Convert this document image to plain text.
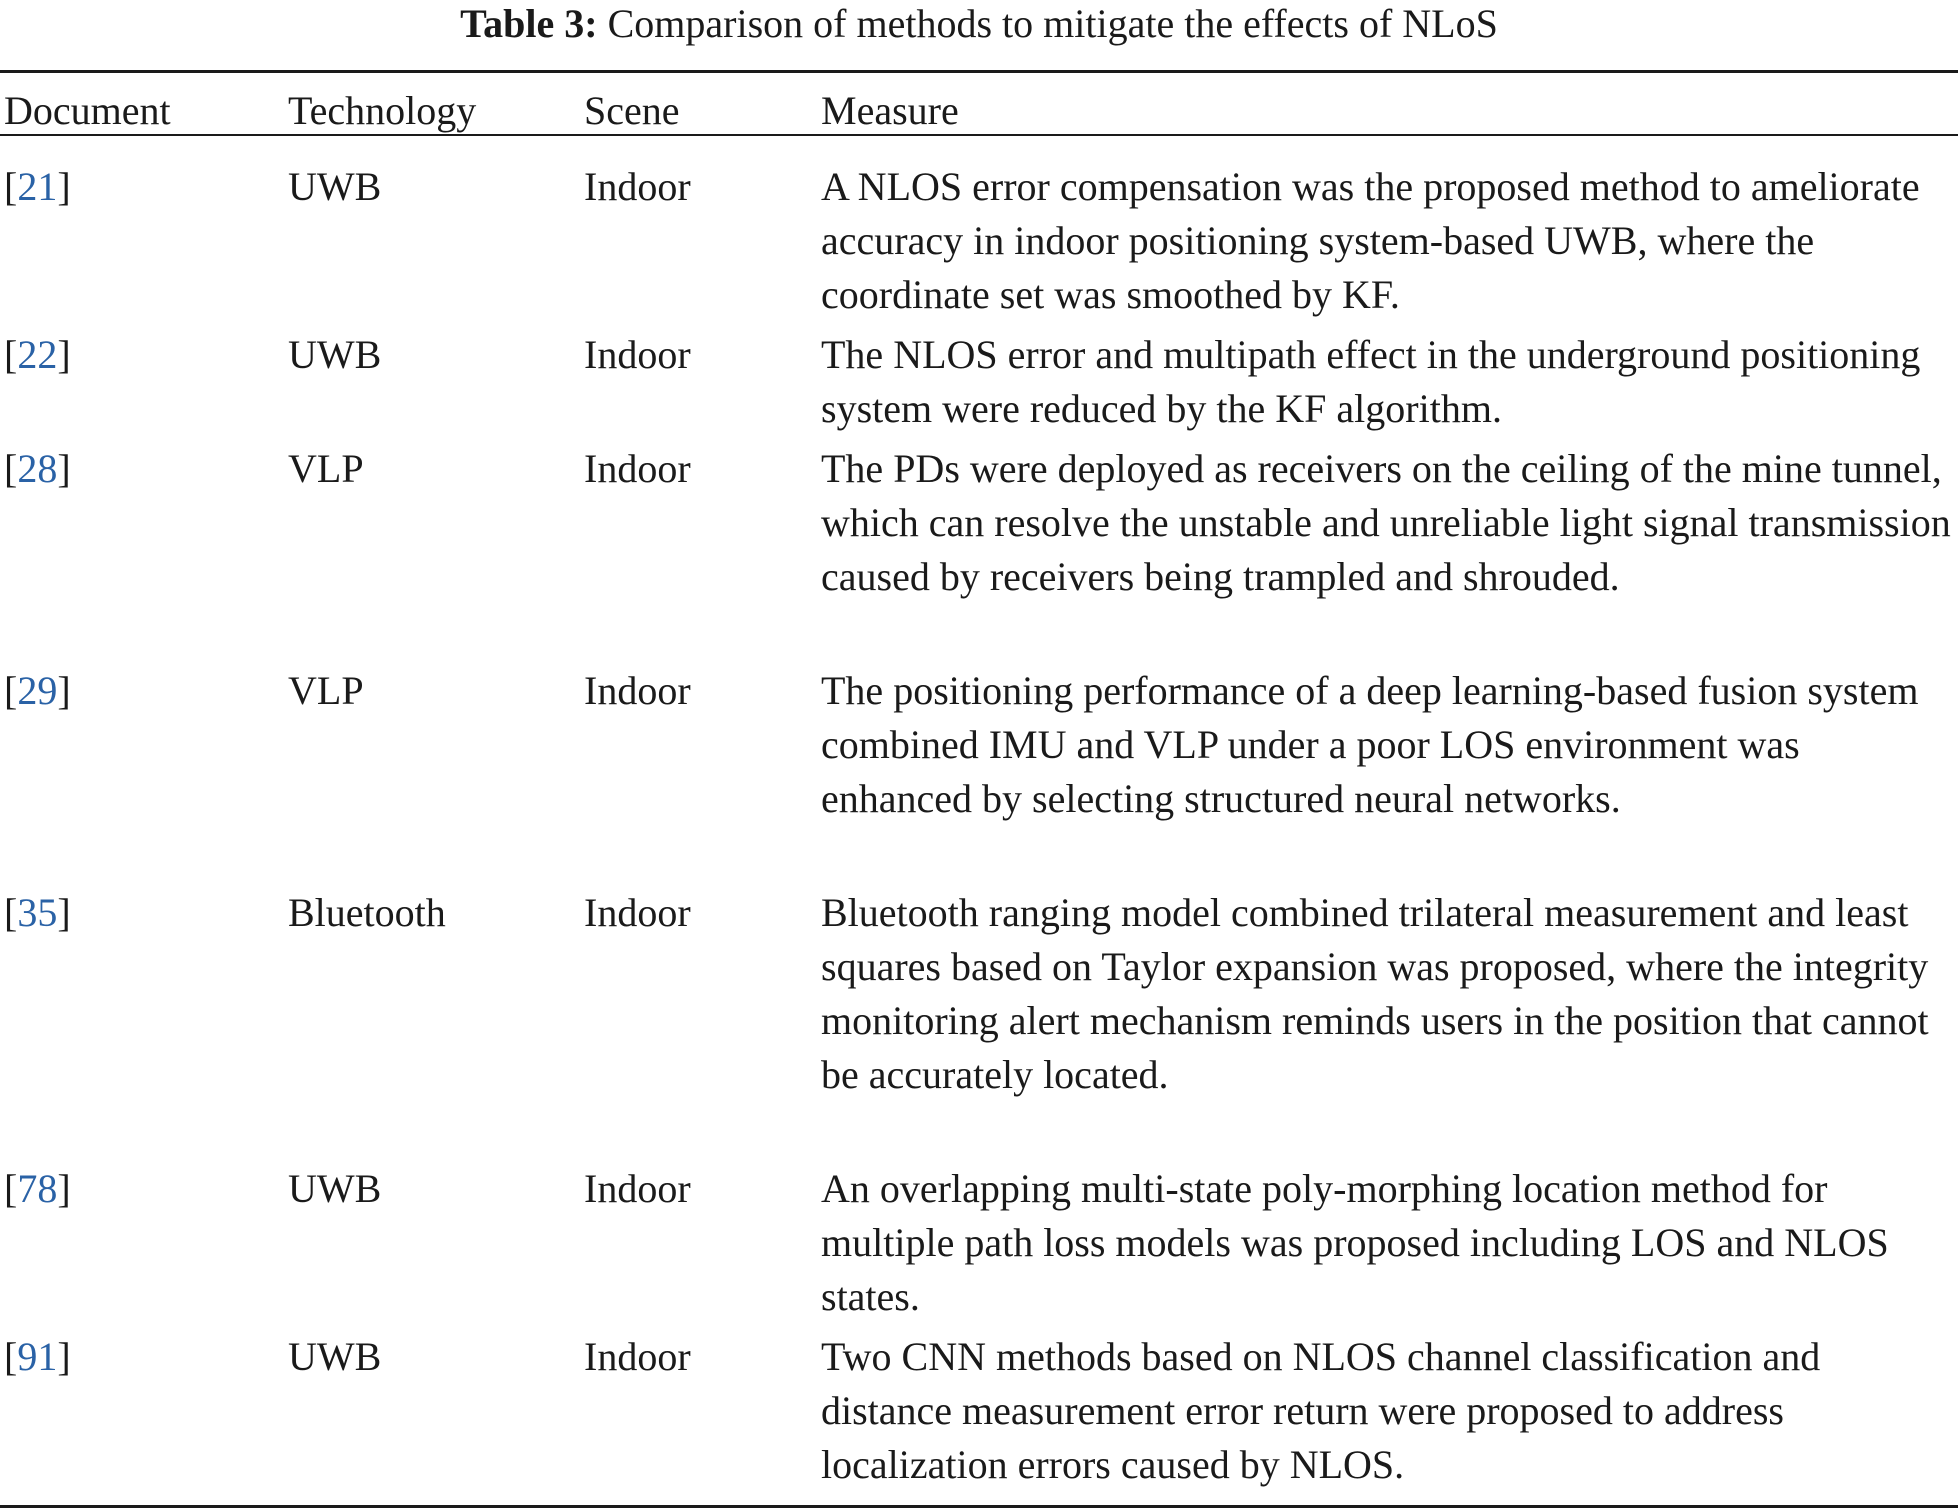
Table 3: Comparison of methods to mitigate the effects of NLoS
Document	Technology	Scene	Measure
[21]	UWB	Indoor	A NLOS error compensation was the proposed method to ameliorate accuracy in indoor positioning system-based UWB, where the coordinate set was smoothed by KF.
[22]	UWB	Indoor	The NLOS error and multipath effect in the underground positioning system were reduced by the KF algorithm.
[28]	VLP	Indoor	The PDs were deployed as receivers on the ceiling of the mine tunnel, which can resolve the unstable and unreliable light signal transmission caused by receivers being trampled and shrouded.
[29]	VLP	Indoor	The positioning performance of a deep learning-based fusion system combined IMU and VLP under a poor LOS environment was enhanced by selecting structured neural networks.
[35]	Bluetooth	Indoor	Bluetooth ranging model combined trilateral measurement and least squares based on Taylor expansion was proposed, where the integrity monitoring alert mechanism reminds users in the position that cannot be accurately located.
[78]	UWB	Indoor	An overlapping multi-state poly-morphing location method for multiple path loss models was proposed including LOS and NLOS states.
[91]	UWB	Indoor	Two CNN methods based on NLOS channel classification and distance measurement error return were proposed to address localization errors caused by NLOS.
